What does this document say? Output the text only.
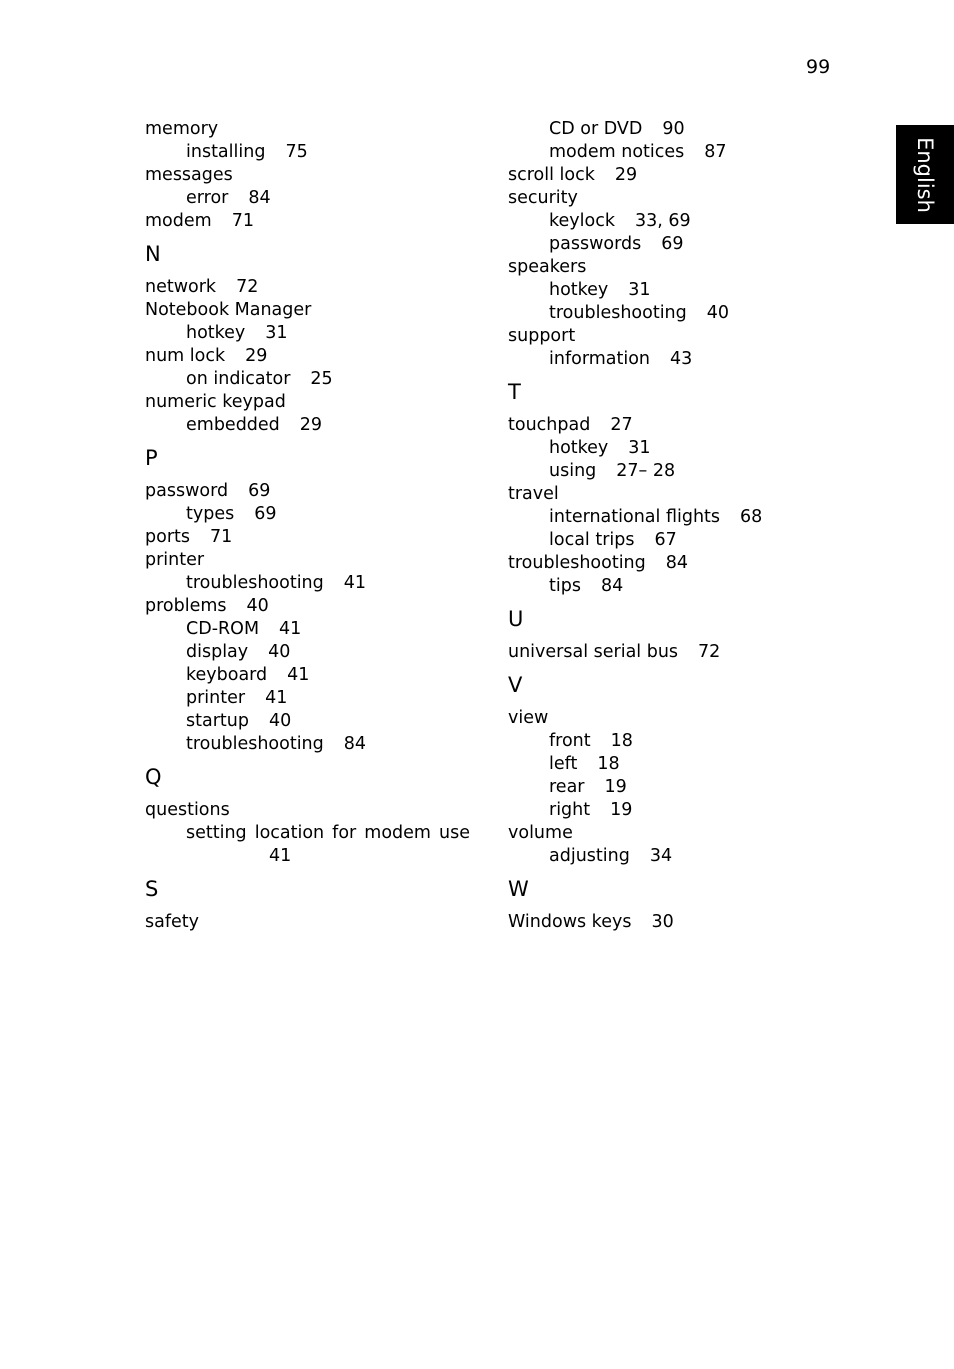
99
English
memory
installing 75
messages
error 84
modem 71
N
network 72
Notebook Manager
hotkey 31
num lock 29
on indicator 25
numeric keypad
embedded 29
P
password 69
types 69
ports 71
printer
troubleshooting 41
problems 40
CD-ROM 41
display 40
keyboard 41
printer 41
startup 40
troubleshooting 84
Q
questions
setting location for modem use
41
S
safety
CD or DVD 90
modem notices 87
scroll lock 29
security
keylock 33, 69
passwords 69
speakers
hotkey 31
troubleshooting 40
support
information 43
T
touchpad 27
hotkey 31
using 27– 28
travel
international flights 68
local trips 67
troubleshooting 84
tips 84
U
universal serial bus 72
V
view
front 18
left 18
rear 19
right 19
volume
adjusting 34
W
Windows keys 30
